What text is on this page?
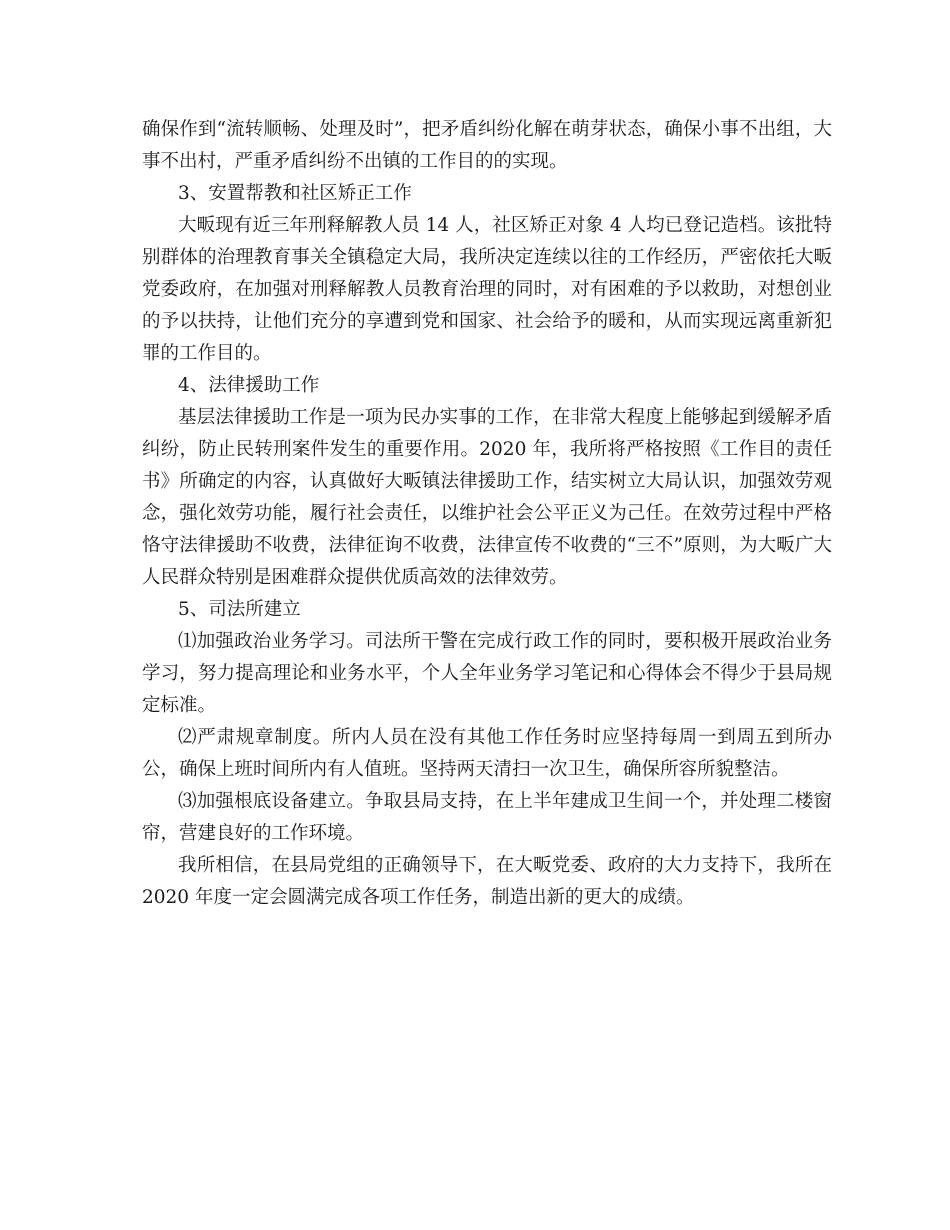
确保作到“流转顺畅、处理及时”，把矛盾纠纷化解在萌芽状态，确保小事不出组，大事不出村，严重矛盾纠纷不出镇的工作目的的实现。

3、安置帮教和社区矫正工作

大畈现有近三年刑释解教人员 14 人，社区矫正对象 4 人均已登记造档。该批特别群体的治理教育事关全镇稳定大局，我所决定连续以往的工作经历，严密依托大畈党委政府，在加强对刑释解教人员教育治理的同时，对有困难的予以救助，对想创业的予以扶持，让他们充分的享遭到党和国家、社会给予的暖和，从而实现远离重新犯罪的工作目的。

4、法律援助工作

基层法律援助工作是一项为民办实事的工作，在非常大程度上能够起到缓解矛盾纠纷，防止民转刑案件发生的重要作用。2020 年，我所将严格按照《工作目的责任书》所确定的内容，认真做好大畈镇法律援助工作，结实树立大局认识，加强效劳观念，强化效劳功能，履行社会责任，以维护社会公平正义为己任。在效劳过程中严格恪守法律援助不收费，法律征询不收费，法律宣传不收费的“三不”原则，为大畈广大人民群众特别是困难群众提供优质高效的法律效劳。

5、司法所建立

⑴加强政治业务学习。司法所干警在完成行政工作的同时，要积极开展政治业务学习，努力提高理论和业务水平，个人全年业务学习笔记和心得体会不得少于县局规定标准。

⑵严肃规章制度。所内人员在没有其他工作任务时应坚持每周一到周五到所办公，确保上班时间所内有人值班。坚持两天清扫一次卫生，确保所容所貌整洁。

⑶加强根底设备建立。争取县局支持，在上半年建成卫生间一个，并处理二楼窗帘，营建良好的工作环境。

我所相信，在县局党组的正确领导下，在大畈党委、政府的大力支持下，我所在 2020 年度一定会圆满完成各项工作任务，制造出新的更大的成绩。
